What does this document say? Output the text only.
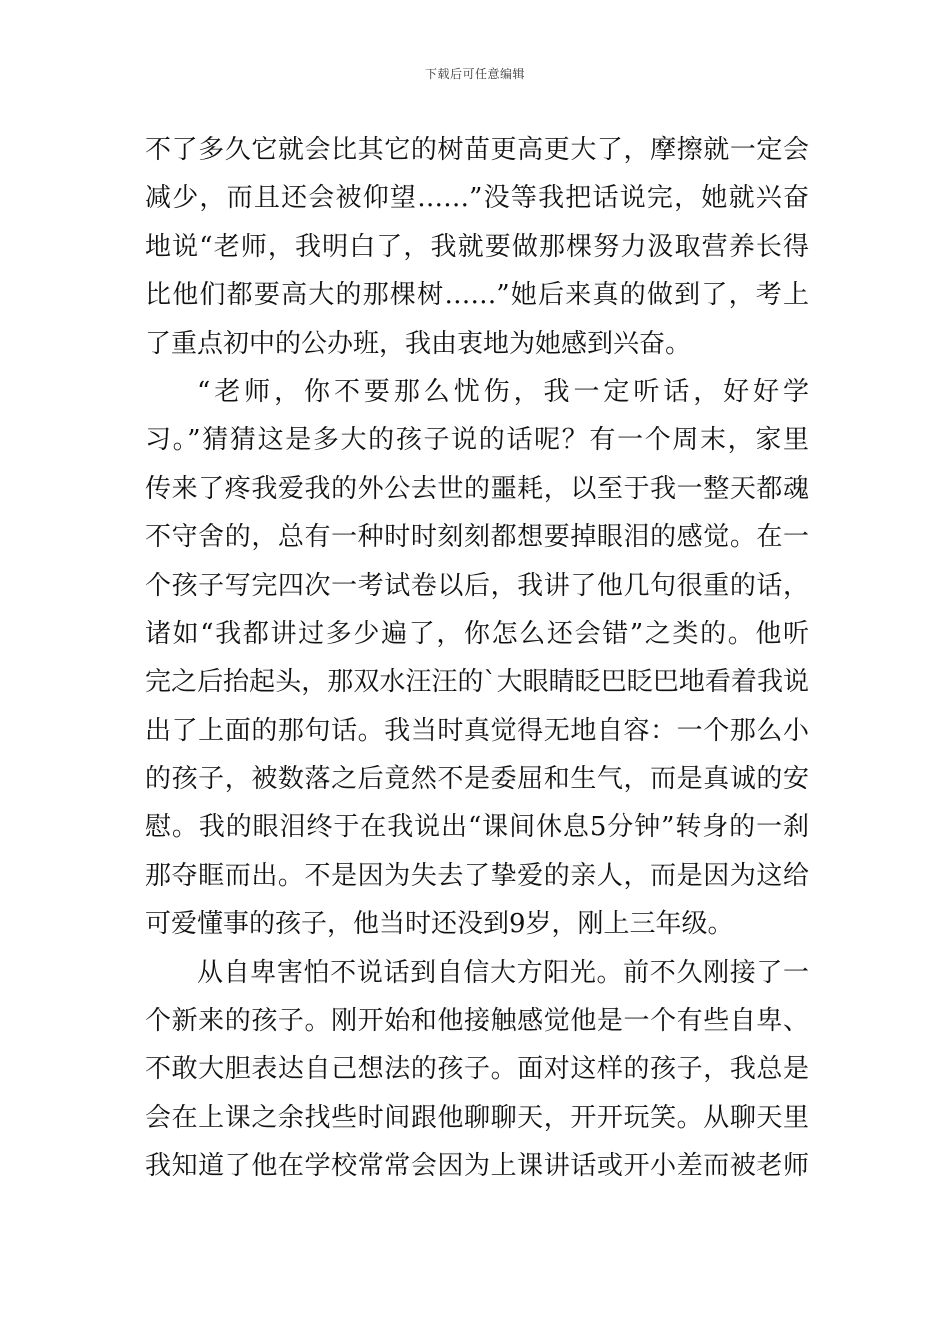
下载后可任意编辑
不了多久它就会比其它的树苗更高更大了，摩擦就一定会
减少，而且还会被仰望……”没等我把话说完，她就兴奋
地说“老师，我明白了，我就要做那棵努力汲取营养长得
比他们都要高大的那棵树……”她后来真的做到了，考上
了重点初中的公办班，我由衷地为她感到兴奋。
“老师，你不要那么忧伤，我一定听话，好好学
习。”猜猜这是多大的孩子说的话呢？有一个周末，家里
传来了疼我爱我的外公去世的噩耗，以至于我一整天都魂
不守舍的，总有一种时时刻刻都想要掉眼泪的感觉。在一
个孩子写完四次一考试卷以后，我讲了他几句很重的话，
诸如“我都讲过多少遍了，你怎么还会错”之类的。他听
完之后抬起头，那双水汪汪的`大眼睛眨巴眨巴地看着我说
出了上面的那句话。我当时真觉得无地自容：一个那么小
的孩子，被数落之后竟然不是委屈和生气，而是真诚的安
慰。我的眼泪终于在我说出“课间休息5分钟”转身的一刹
那夺眶而出。不是因为失去了挚爱的亲人，而是因为这给
可爱懂事的孩子，他当时还没到9岁，刚上三年级。
从自卑害怕不说话到自信大方阳光。前不久刚接了一
个新来的孩子。刚开始和他接触感觉他是一个有些自卑、
不敢大胆表达自己想法的孩子。面对这样的孩子，我总是
会在上课之余找些时间跟他聊聊天，开开玩笑。从聊天里
我知道了他在学校常常会因为上课讲话或开小差而被老师
